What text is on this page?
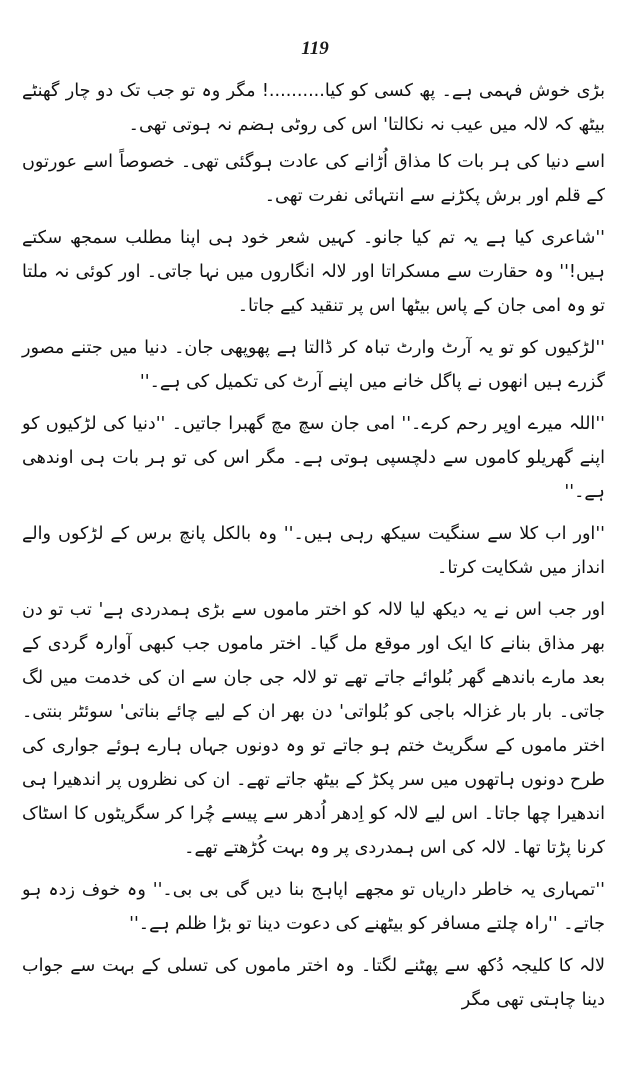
119

بڑی خوش فہمی ہے۔ پھ کسی کو کیا..........! مگر وہ تو جب تک دو چار گھنٹے بیٹھ کہ لالہ میں عیب نہ نکالتا' اس کی روٹی ہضم نہ ہوتی تھی۔

اسے دنیا کی ہر بات کا مذاق اُڑانے کی عادت ہوگئی تھی۔ خصوصاً اسے عورتوں کے قلم اور برش پکڑنے سے انتہائی نفرت تھی۔

''شاعری کیا ہے یہ تم کیا جانو۔ کہیں شعر خود ہی اپنا مطلب سمجھ سکتے ہیں!'' وہ حقارت سے مسکراتا اور لالہ انگاروں میں نہا جاتی۔ اور کوئی نہ ملتا تو وہ امی جان کے پاس بیٹھا اس پر تنقید کیے جاتا۔

''لڑکیوں کو تو یہ آرٹ وارٹ تباہ کر ڈالتا ہے پھوپھی جان۔ دنیا میں جتنے مصور گزرے ہیں انھوں نے پاگل خانے میں اپنے آرٹ کی تکمیل کی ہے۔''

''اللہ میرے اوپر رحم کرے۔'' امی جان سچ مچ گھبرا جاتیں۔ ''دنیا کی لڑکیوں کو اپنے گھریلو کاموں سے دلچسپی ہوتی ہے۔ مگر اس کی تو ہر بات ہی اوندھی ہے۔''

''اور اب کلا سے سنگیت سیکھ رہی ہیں۔'' وہ بالکل پانچ برس کے لڑکوں والے انداز میں شکایت کرتا۔

اور جب اس نے یہ دیکھ لیا لالہ کو اختر ماموں سے بڑی ہمدردی ہے' تب تو دن بھر مذاق بنانے کا ایک اور موقع مل گیا۔ اختر ماموں جب کبھی آوارہ گردی کے بعد مارے باندھے گھر بُلوائے جاتے تھے تو لالہ جی جان سے ان کی خدمت میں لگ جاتی۔ بار بار غزالہ باجی کو بُلواتی' دن بھر ان کے لیے چائے بناتی' سوئٹر بنتی۔ اختر ماموں کے سگریٹ ختم ہو جاتے تو وہ دونوں جہاں ہارے ہوئے جواری کی طرح دونوں ہاتھوں میں سر پکڑ کے بیٹھ جاتے تھے۔ ان کی نظروں پر اندھیرا ہی اندھیرا چھا جاتا۔ اس لیے لالہ کو اِدھر اُدھر سے پیسے چُرا کر سگریٹوں کا اسٹاک کرنا پڑتا تھا۔ لالہ کی اس ہمدردی پر وہ بہت کُڑھتے تھے۔

''تمہاری یہ خاطر داریاں تو مجھے اپاہج بنا دیں گی بی بی۔'' وہ خوف زدہ ہو جاتے۔ ''راہ چلتے مسافر کو بیٹھنے کی دعوت دینا تو بڑا ظلم ہے۔''

لالہ کا کلیجہ دُکھ سے پھٹنے لگتا۔ وہ اختر ماموں کی تسلی کے بہت سے جواب دینا چاہتی تھی مگر
